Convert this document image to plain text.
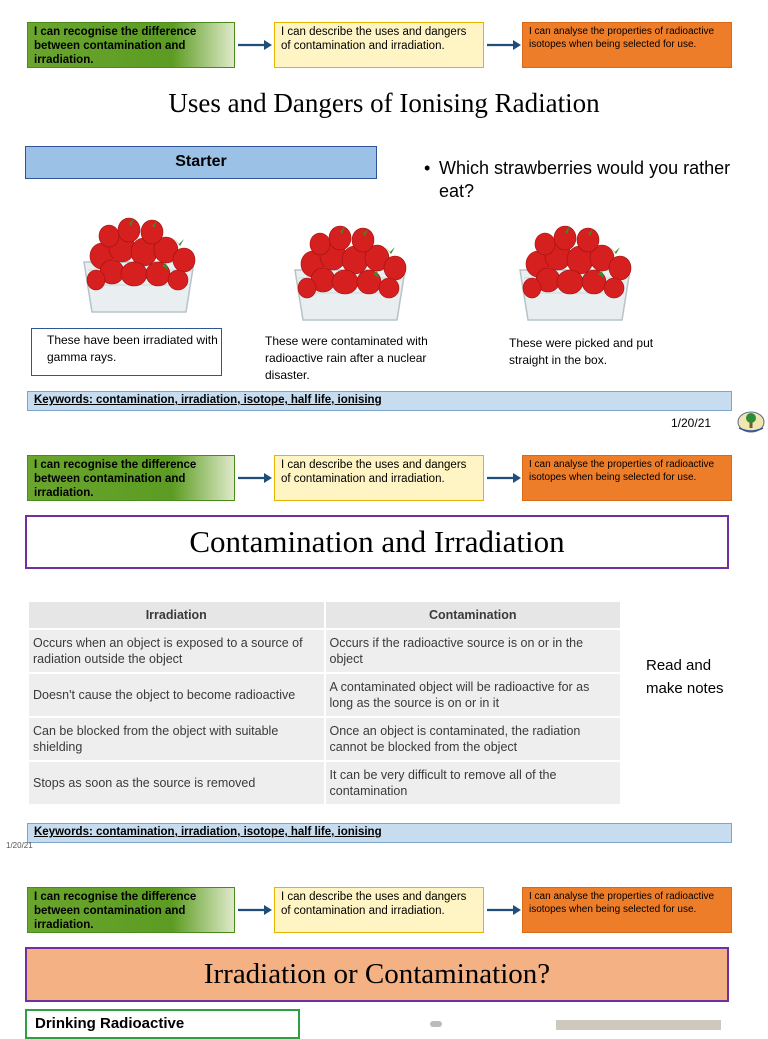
I can recognise the difference between contamination and irradiation.
I can describe the uses and dangers of contamination and irradiation.
I can analyse the properties of radioactive isotopes when being selected for use.
Uses and Dangers of Ionising Radiation
Starter	• Which strawberries would you rather eat?
These have been irradiated with gamma rays.
These were contaminated with radioactive rain after a nuclear disaster.
These were picked and put straight in the box.
Keywords: contamination, irradiation, isotope, half life, ionising
1/20/21
I can recognise the difference between contamination and irradiation.
I can describe the uses and dangers of contamination and irradiation.
I can analyse the properties of radioactive isotopes when being selected for use.
Contamination and Irradiation
Irradiation	Contamination
Occurs when an object is exposed to a source of radiation outside the object	Occurs if the radioactive source is on or in the object
Doesn't cause the object to become radioactive	A contaminated object will be radioactive for as long as the source is on or in it
Can be blocked from the object with suitable shielding	Once an object is contaminated, the radiation cannot be blocked from the object
Stops as soon as the source is removed	It can be very difficult to remove all of the contamination
Read and make notes
Keywords: contamination, irradiation, isotope, half life, ionising
1/20/21
I can recognise the difference between contamination and irradiation.
I can describe the uses and dangers of contamination and irradiation.
I can analyse the properties of radioactive isotopes when being selected for use.
Irradiation or Contamination?
Drinking Radioactive
